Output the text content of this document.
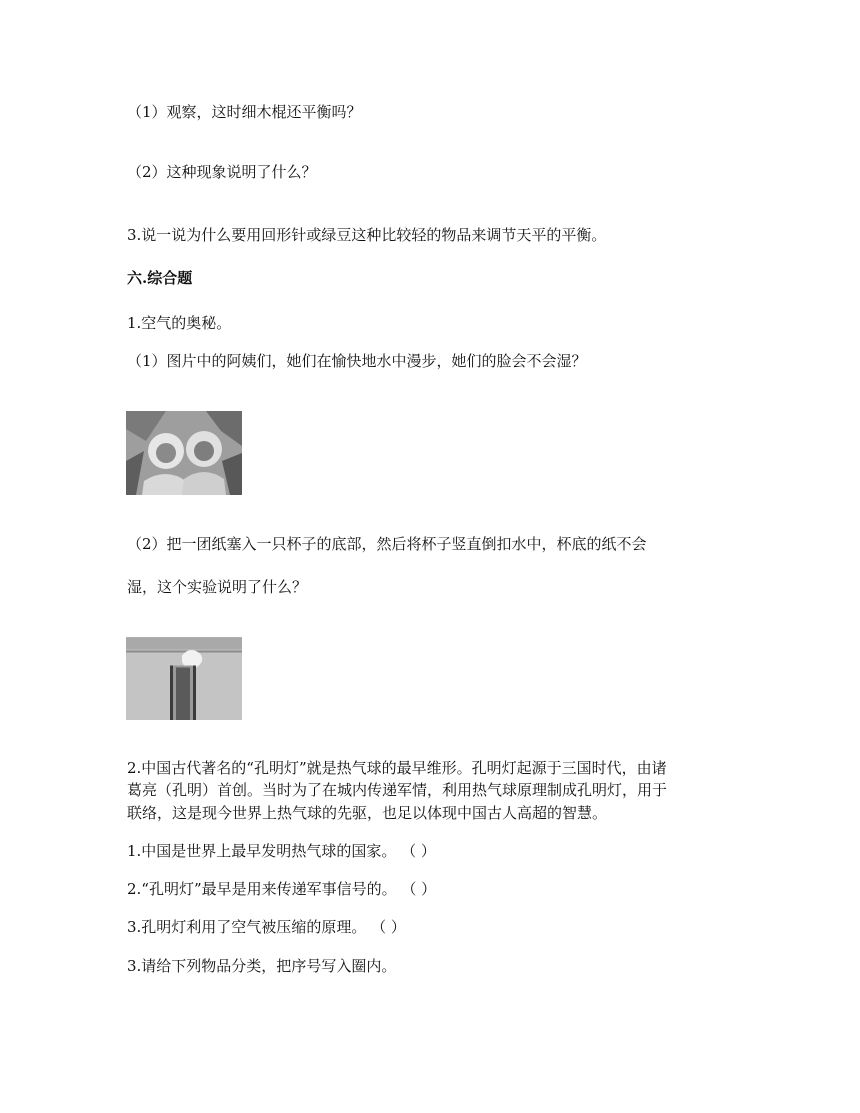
（1）观察，这时细木棍还平衡吗？

（2）这种现象说明了什么？

3.说一说为什么要用回形针或绿豆这种比较轻的物品来调节天平的平衡。

六.综合题

1.空气的奥秘。

（1）图片中的阿姨们，她们在愉快地水中漫步，她们的脸会不会湿？

（2）把一团纸塞入一只杯子的底部，然后将杯子竖直倒扣水中，杯底的纸不会

湿，这个实验说明了什么？

2.中国古代著名的“孔明灯”就是热气球的最早维形。孔明灯起源于三国时代，由诸

葛亮（孔明）首创。当时为了在城内传递军情，利用热气球原理制成孔明灯，用于

联络，这是现今世界上热气球的先驱，也足以体现中国古人高超的智慧。

1.中国是世界上最早发明热气球的国家。 （ ）

2.“孔明灯”最早是用来传递军事信号的。 （ ）

3.孔明灯利用了空气被压缩的原理。 （ ）

3.请给下列物品分类，把序号写入圈内。
